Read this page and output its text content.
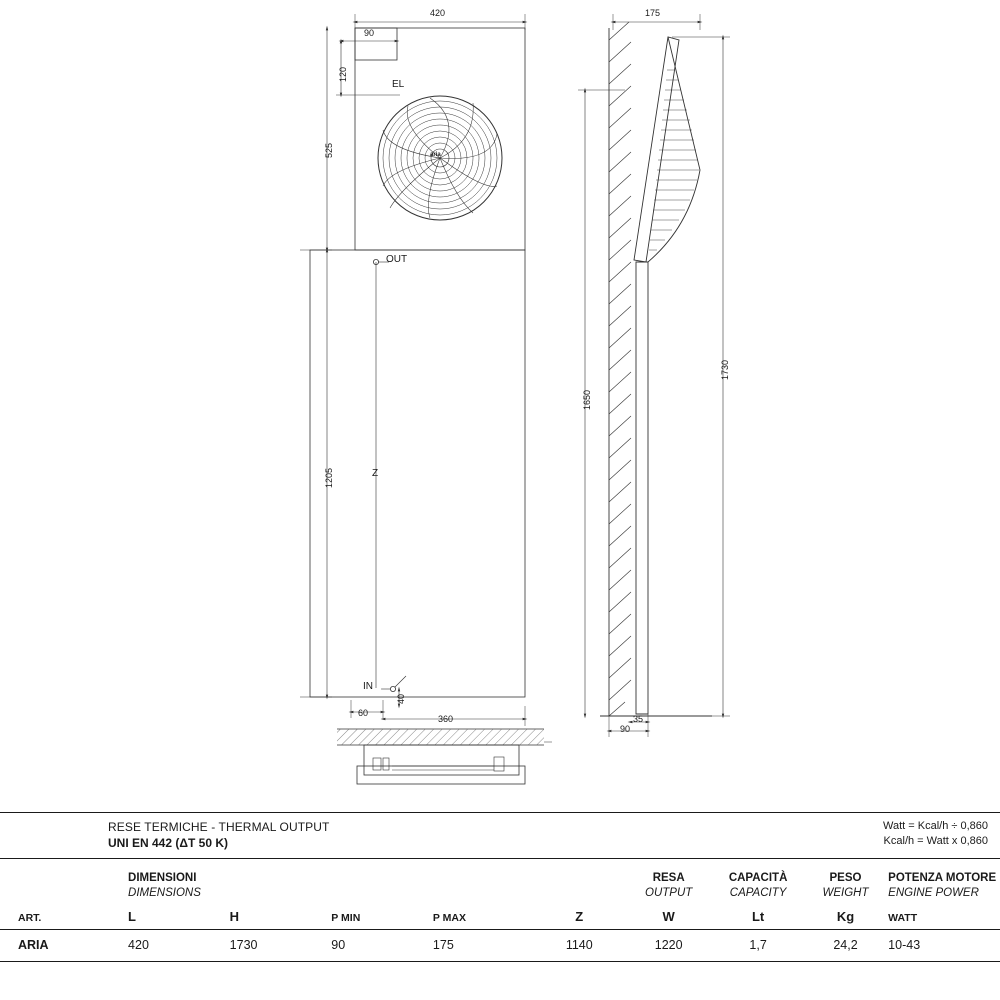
420
90
120
525
1205
60
360
40
EL
OUT
IN
Z
aria
175
1730
1650
35
90
RESE TERMICHE - THERMAL OUTPUT
UNI EN 442 (ΔT 50 K)

Watt = Kcal/h ÷ 0,860
Kcal/h = Watt x 0,860

DIMENSIONI
DIMENSIONS

RESA
OUTPUT

CAPACITÀ
CAPACITY

PESO
WEIGHT

POTENZA MOTORE
ENGINE POWER

ART.	L	H	P MIN	P MAX	Z	W	Lt	Kg	WATT
ARIA	420	1730	90	175	1140	1220	1,7	24,2	10-43
